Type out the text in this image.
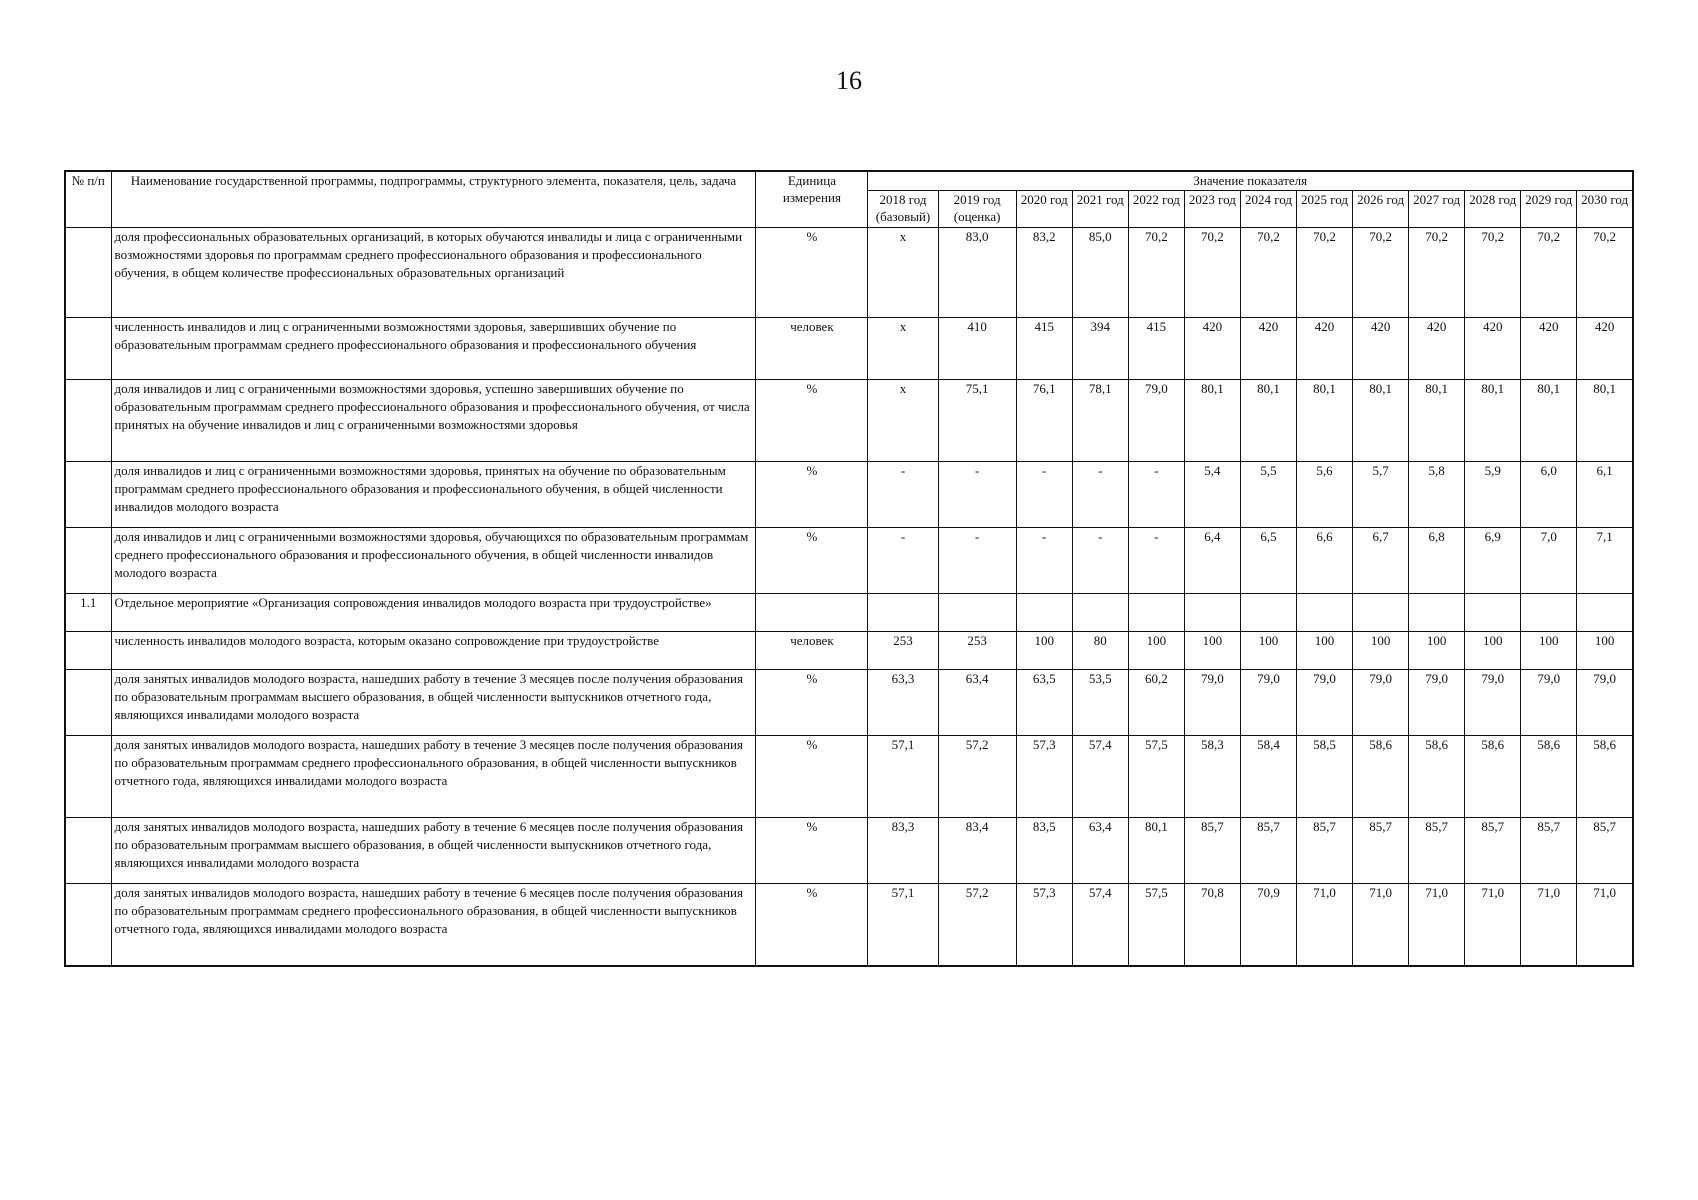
16
№ п/п	Наименование государственной программы, подпрограммы, структурного элемента, показателя, цель, задача	Единица измерения	Значение показателя												
			2018 год (базовый)	2019 год (оценка)	2020 год	2021 год	2022 год	2023 год	2024 год	2025 год	2026 год	2027 год	2028 год	2029 год	2030 год
	доля профессиональных образовательных организаций, в которых обучаются инвалиды и лица с ограниченными возможностями здоровья по программам среднего профессионального образования и профессионального обучения, в общем количестве профессиональных образовательных организаций	%	х	83,0	83,2	85,0	70,2	70,2	70,2	70,2	70,2	70,2	70,2	70,2	70,2
	численность инвалидов и лиц с ограниченными возможностями здоровья, завершивших обучение по образовательным программам среднего профессионального образования и профессионального обучения	человек	х	410	415	394	415	420	420	420	420	420	420	420	420
	доля инвалидов и лиц с ограниченными возможностями здоровья, успешно завершивших обучение по образовательным программам среднего профессионального образования и профессионального обучения, от числа принятых на обучение инвалидов и лиц с ограниченными возможностями здоровья	%	х	75,1	76,1	78,1	79,0	80,1	80,1	80,1	80,1	80,1	80,1	80,1	80,1
	доля инвалидов и лиц с ограниченными возможностями здоровья, принятых на обучение по образовательным программам среднего профессионального образования и профессионального обучения, в общей численности инвалидов молодого возраста	%	-	-	-	-	-	5,4	5,5	5,6	5,7	5,8	5,9	6,0	6,1
	доля инвалидов и лиц с ограниченными возможностями здоровья, обучающихся по образовательным программам среднего профессионального образования и профессионального обучения, в общей численности инвалидов молодого возраста	%	-	-	-	-	-	6,4	6,5	6,6	6,7	6,8	6,9	7,0	7,1
1.1	Отдельное мероприятие «Организация сопровождения инвалидов молодого возраста при трудоустройстве»														
	численность инвалидов молодого возраста, которым оказано сопровождение при трудоустройстве	человек	253	253	100	80	100	100	100	100	100	100	100	100	100
	доля занятых инвалидов молодого возраста, нашедших работу в течение 3 месяцев после получения образования по образовательным программам высшего образования, в общей численности выпускников отчетного года, являющихся инвалидами молодого возраста	%	63,3	63,4	63,5	53,5	60,2	79,0	79,0	79,0	79,0	79,0	79,0	79,0	79,0
	доля занятых инвалидов молодого возраста, нашедших работу в течение 3 месяцев после получения образования по образовательным программам среднего профессионального образования, в общей численности выпускников отчетного года, являющихся инвалидами молодого возраста	%	57,1	57,2	57,3	57,4	57,5	58,3	58,4	58,5	58,6	58,6	58,6	58,6	58,6
	доля занятых инвалидов молодого возраста, нашедших работу в течение 6 месяцев после получения образования по образовательным программам высшего образования, в общей численности выпускников отчетного года, являющихся инвалидами молодого возраста	%	83,3	83,4	83,5	63,4	80,1	85,7	85,7	85,7	85,7	85,7	85,7	85,7	85,7
	доля занятых инвалидов молодого возраста, нашедших работу в течение 6 месяцев после получения образования по образовательным программам среднего профессионального образования, в общей численности выпускников отчетного года, являющихся инвалидами молодого возраста	%	57,1	57,2	57,3	57,4	57,5	70,8	70,9	71,0	71,0	71,0	71,0	71,0	71,0
